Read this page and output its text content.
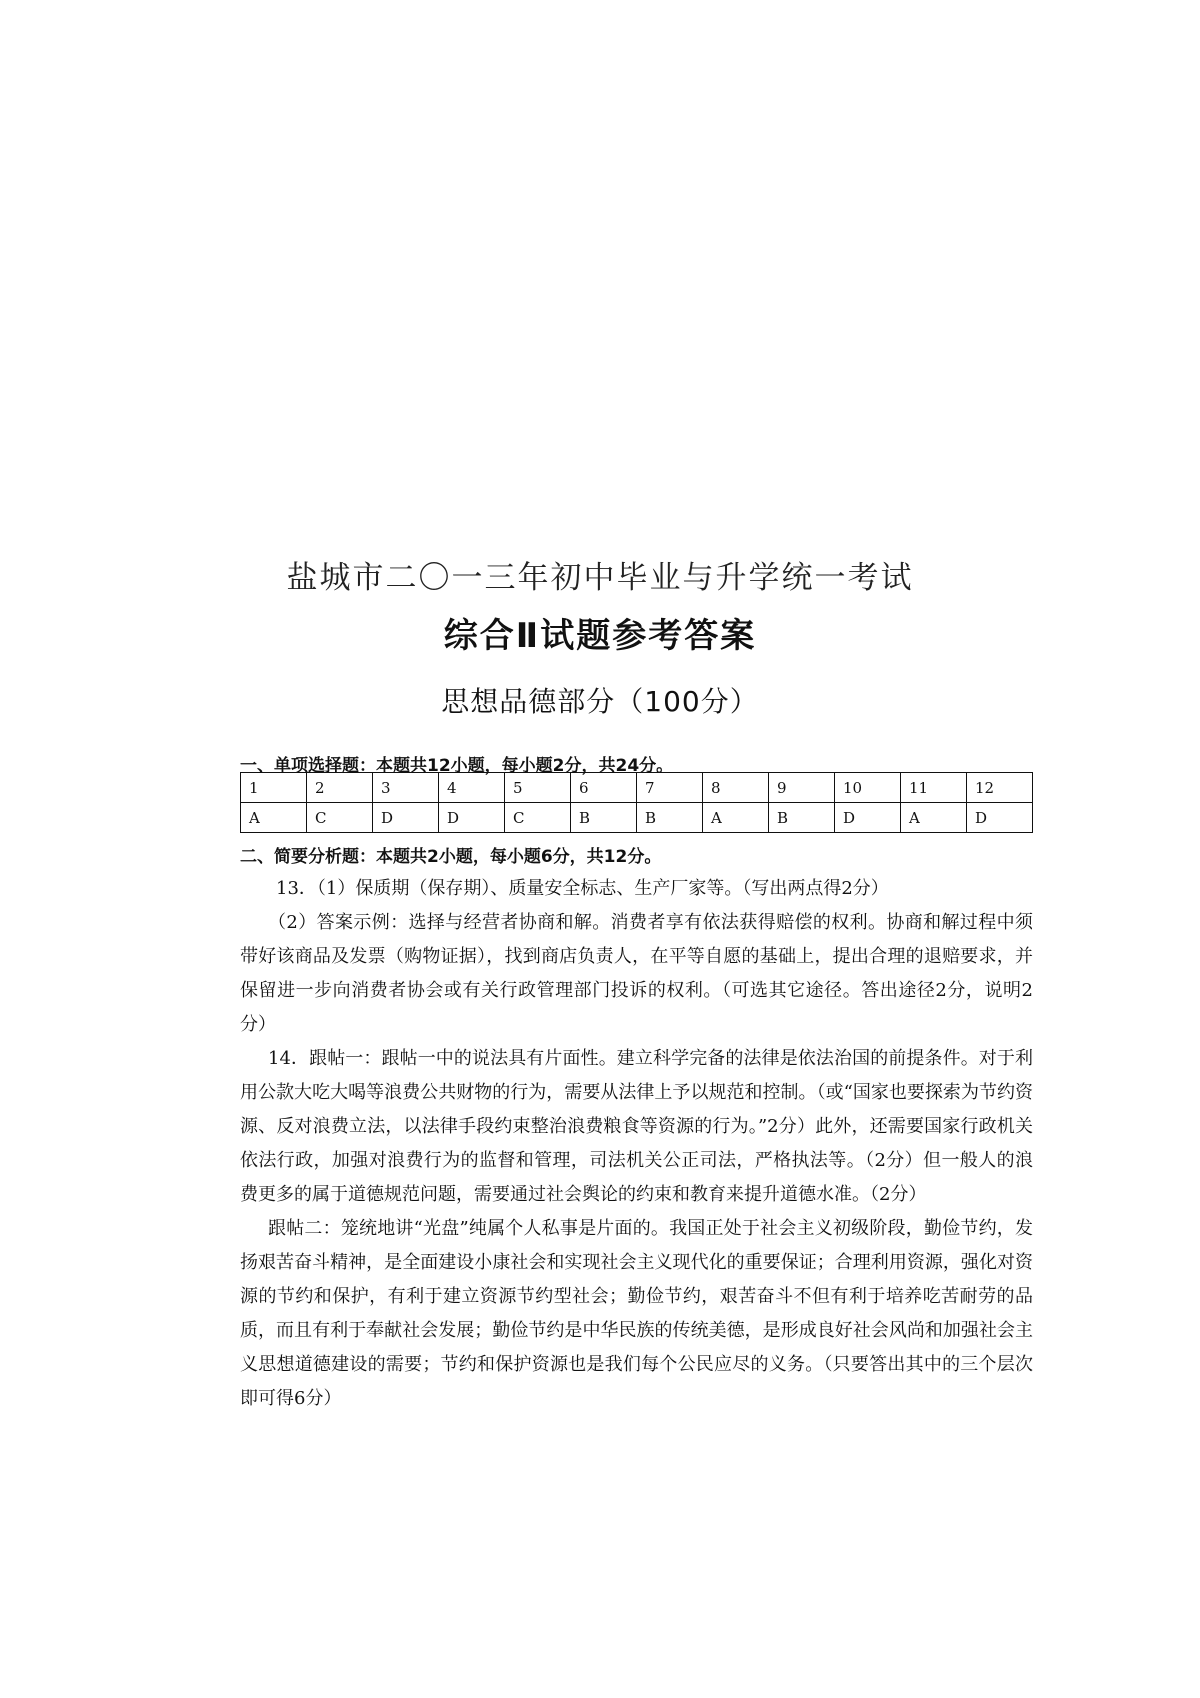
盐城市二〇一三年初中毕业与升学统一考试
综合Ⅱ试题参考答案
思想品德部分（100分）
一、单项选择题：本题共12小题，每小题2分，共24分。
1	2	3	4	5	6	7	8	9	10	11	12
A	C	D	D	C	B	B	A	B	D	A	D
二、简要分析题：本题共2小题，每小题6分，共12分。

13．（1）保质期（保存期）、质量安全标志、生产厂家等。（写出两点得2分）

（2）答案示例：选择与经营者协商和解。消费者享有依法获得赔偿的权利。协商和解过程中须带好该商品及发票（购物证据），找到商店负责人，在平等自愿的基础上，提出合理的退赔要求，并保留进一步向消费者协会或有关行政管理部门投诉的权利。（可选其它途径。答出途径2分，说明2分）

14．跟帖一：跟帖一中的说法具有片面性。建立科学完备的法律是依法治国的前提条件。对于利用公款大吃大喝等浪费公共财物的行为，需要从法律上予以规范和控制。（或“国家也要探索为节约资源、反对浪费立法，以法律手段约束整治浪费粮食等资源的行为。”2分）此外，还需要国家行政机关依法行政，加强对浪费行为的监督和管理，司法机关公正司法，严格执法等。（2分）但一般人的浪费更多的属于道德规范问题，需要通过社会舆论的约束和教育来提升道德水准。（2分）

跟帖二：笼统地讲“光盘”纯属个人私事是片面的。我国正处于社会主义初级阶段，勤俭节约，发扬艰苦奋斗精神，是全面建设小康社会和实现社会主义现代化的重要保证；合理利用资源，强化对资源的节约和保护，有利于建立资源节约型社会；勤俭节约，艰苦奋斗不但有利于培养吃苦耐劳的品质，而且有利于奉献社会发展；勤俭节约是中华民族的传统美德，是形成良好社会风尚和加强社会主义思想道德建设的需要；节约和保护资源也是我们每个公民应尽的义务。（只要答出其中的三个层次即可得6分）
